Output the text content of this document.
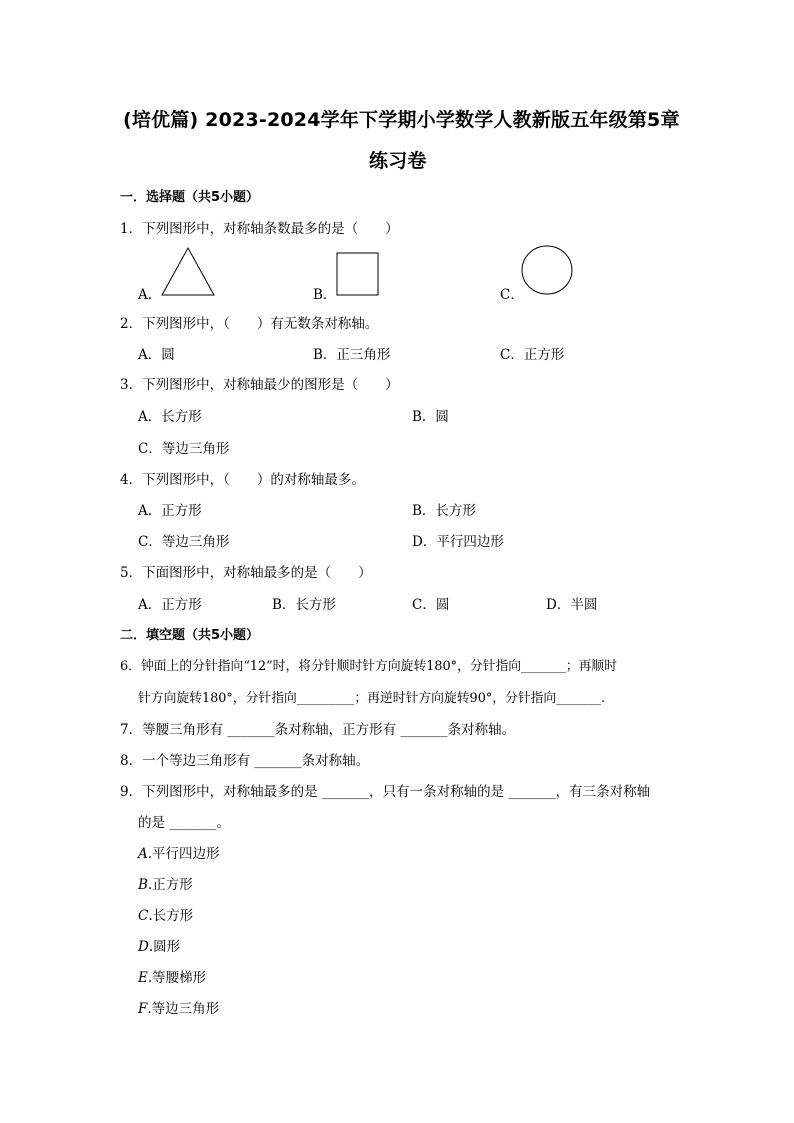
(培优篇) 2023-2024学年下学期小学数学人教新版五年级第5章
练习卷
一．选择题（共5小题）
1．下列图形中，对称轴条数最多的是（　　）
A．	B．	C．
2．下列图形中，（　　）有无数条对称轴。
A．圆	B．正三角形	C．正方形
3．下列图形中，对称轴最少的图形是（　　）
A．长方形	B．圆
C．等边三角形
4．下列图形中，（　　）的对称轴最多。
A．正方形	B．长方形
C．等边三角形	D．平行四边形
5．下面图形中，对称轴最多的是（　　）
A．正方形	B．长方形	C．圆	D．半圆
二．填空题（共5小题）
6．钟面上的分针指向“12”时，将分针顺时针方向旋转180°，分针指向_______；再顺时
针方向旋转180°，分针指向_________；再逆时针方向旋转90°，分针指向_______.
7．等腰三角形有 _______条对称轴，正方形有 _______条对称轴。
8．一个等边三角形有 _______条对称轴。
9．下列图形中，对称轴最多的是 _______，只有一条对称轴的是 _______，有三条对称轴
的是 _______。
A.平行四边形
B.正方形
C.长方形
D.圆形
E.等腰梯形
F.等边三角形
